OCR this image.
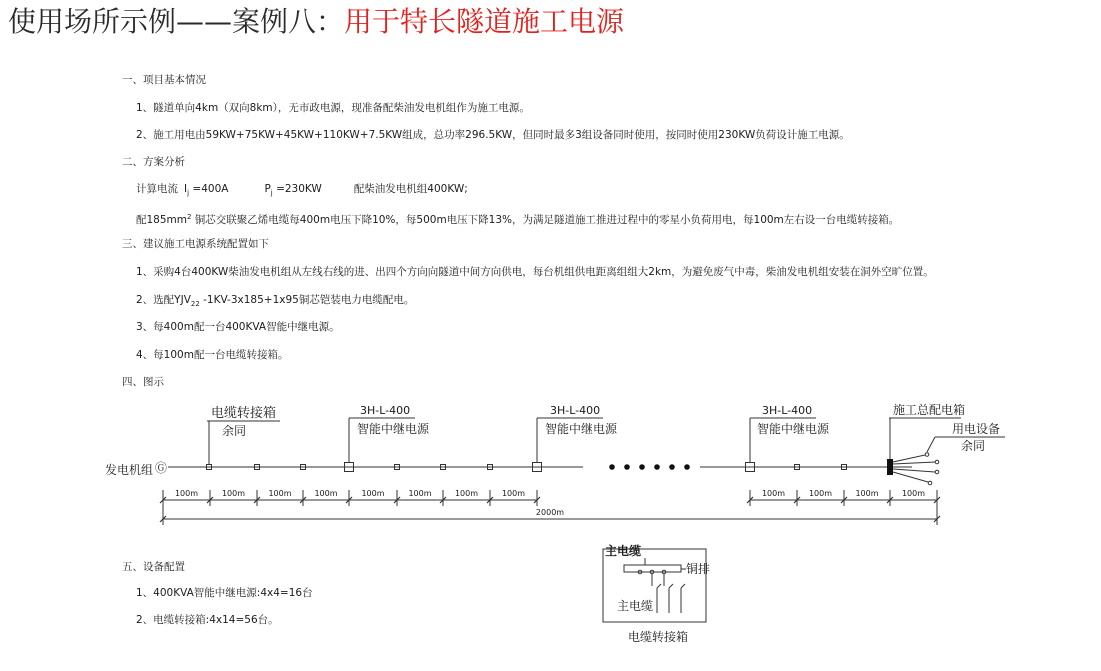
使用场所示例——案例八：用于特长隧道施工电源
一、项目基本情况
1、隧道单向4km（双向8km），无市政电源，现准备配柴油发电机组作为施工电源。
2、施工用电由59KW+75KW+45KW+110KW+7.5KW组成，总功率296.5KW，但同时最多3组设备同时使用，按同时使用230KW负荷设计施工电源。
二、方案分析
计算电流 $I_j =400A$	$P_j =230KW$	配柴油发电机组400KW;
配$185mm^2$ 铜芯交联聚乙烯电缆每400m电压下降10%，每500m电压下降13%，为满足隧道施工推进过程中的零星小负荷用电，每100m左右设一台电缆转接箱。
三、建议施工电源系统配置如下
1、采购4台400KW柴油发电机组从左线右线的进、出四个方向向隧道中间方向供电，每台机组供电距离组组大2km，为避免废气中毒，柴油发电机组安装在洞外空旷位置。
2、选配$YJV_{22}$ -1KV-3x185+1x95铜芯铠装电力电缆配电。
3、每400m配一台400KVA智能中继电源。
4、每100m配一台电缆转接箱。
四、图示
五、设备配置
1、400KVA智能中继电源:4x4=16台
2、电缆转接箱:4x14=56台。
发电机组 Ⓖ
电缆转接箱
余同
3H-L-400
智能中继电源
3H-L-400
智能中继电源
3H-L-400
智能中继电源
施工总配电箱
用电设备
余同
2000m
主电缆
铜排
主电缆
电缆转接箱
100m	100m	100m	100m	100m	100m	100m	100m	100m	100m	100m	100m
